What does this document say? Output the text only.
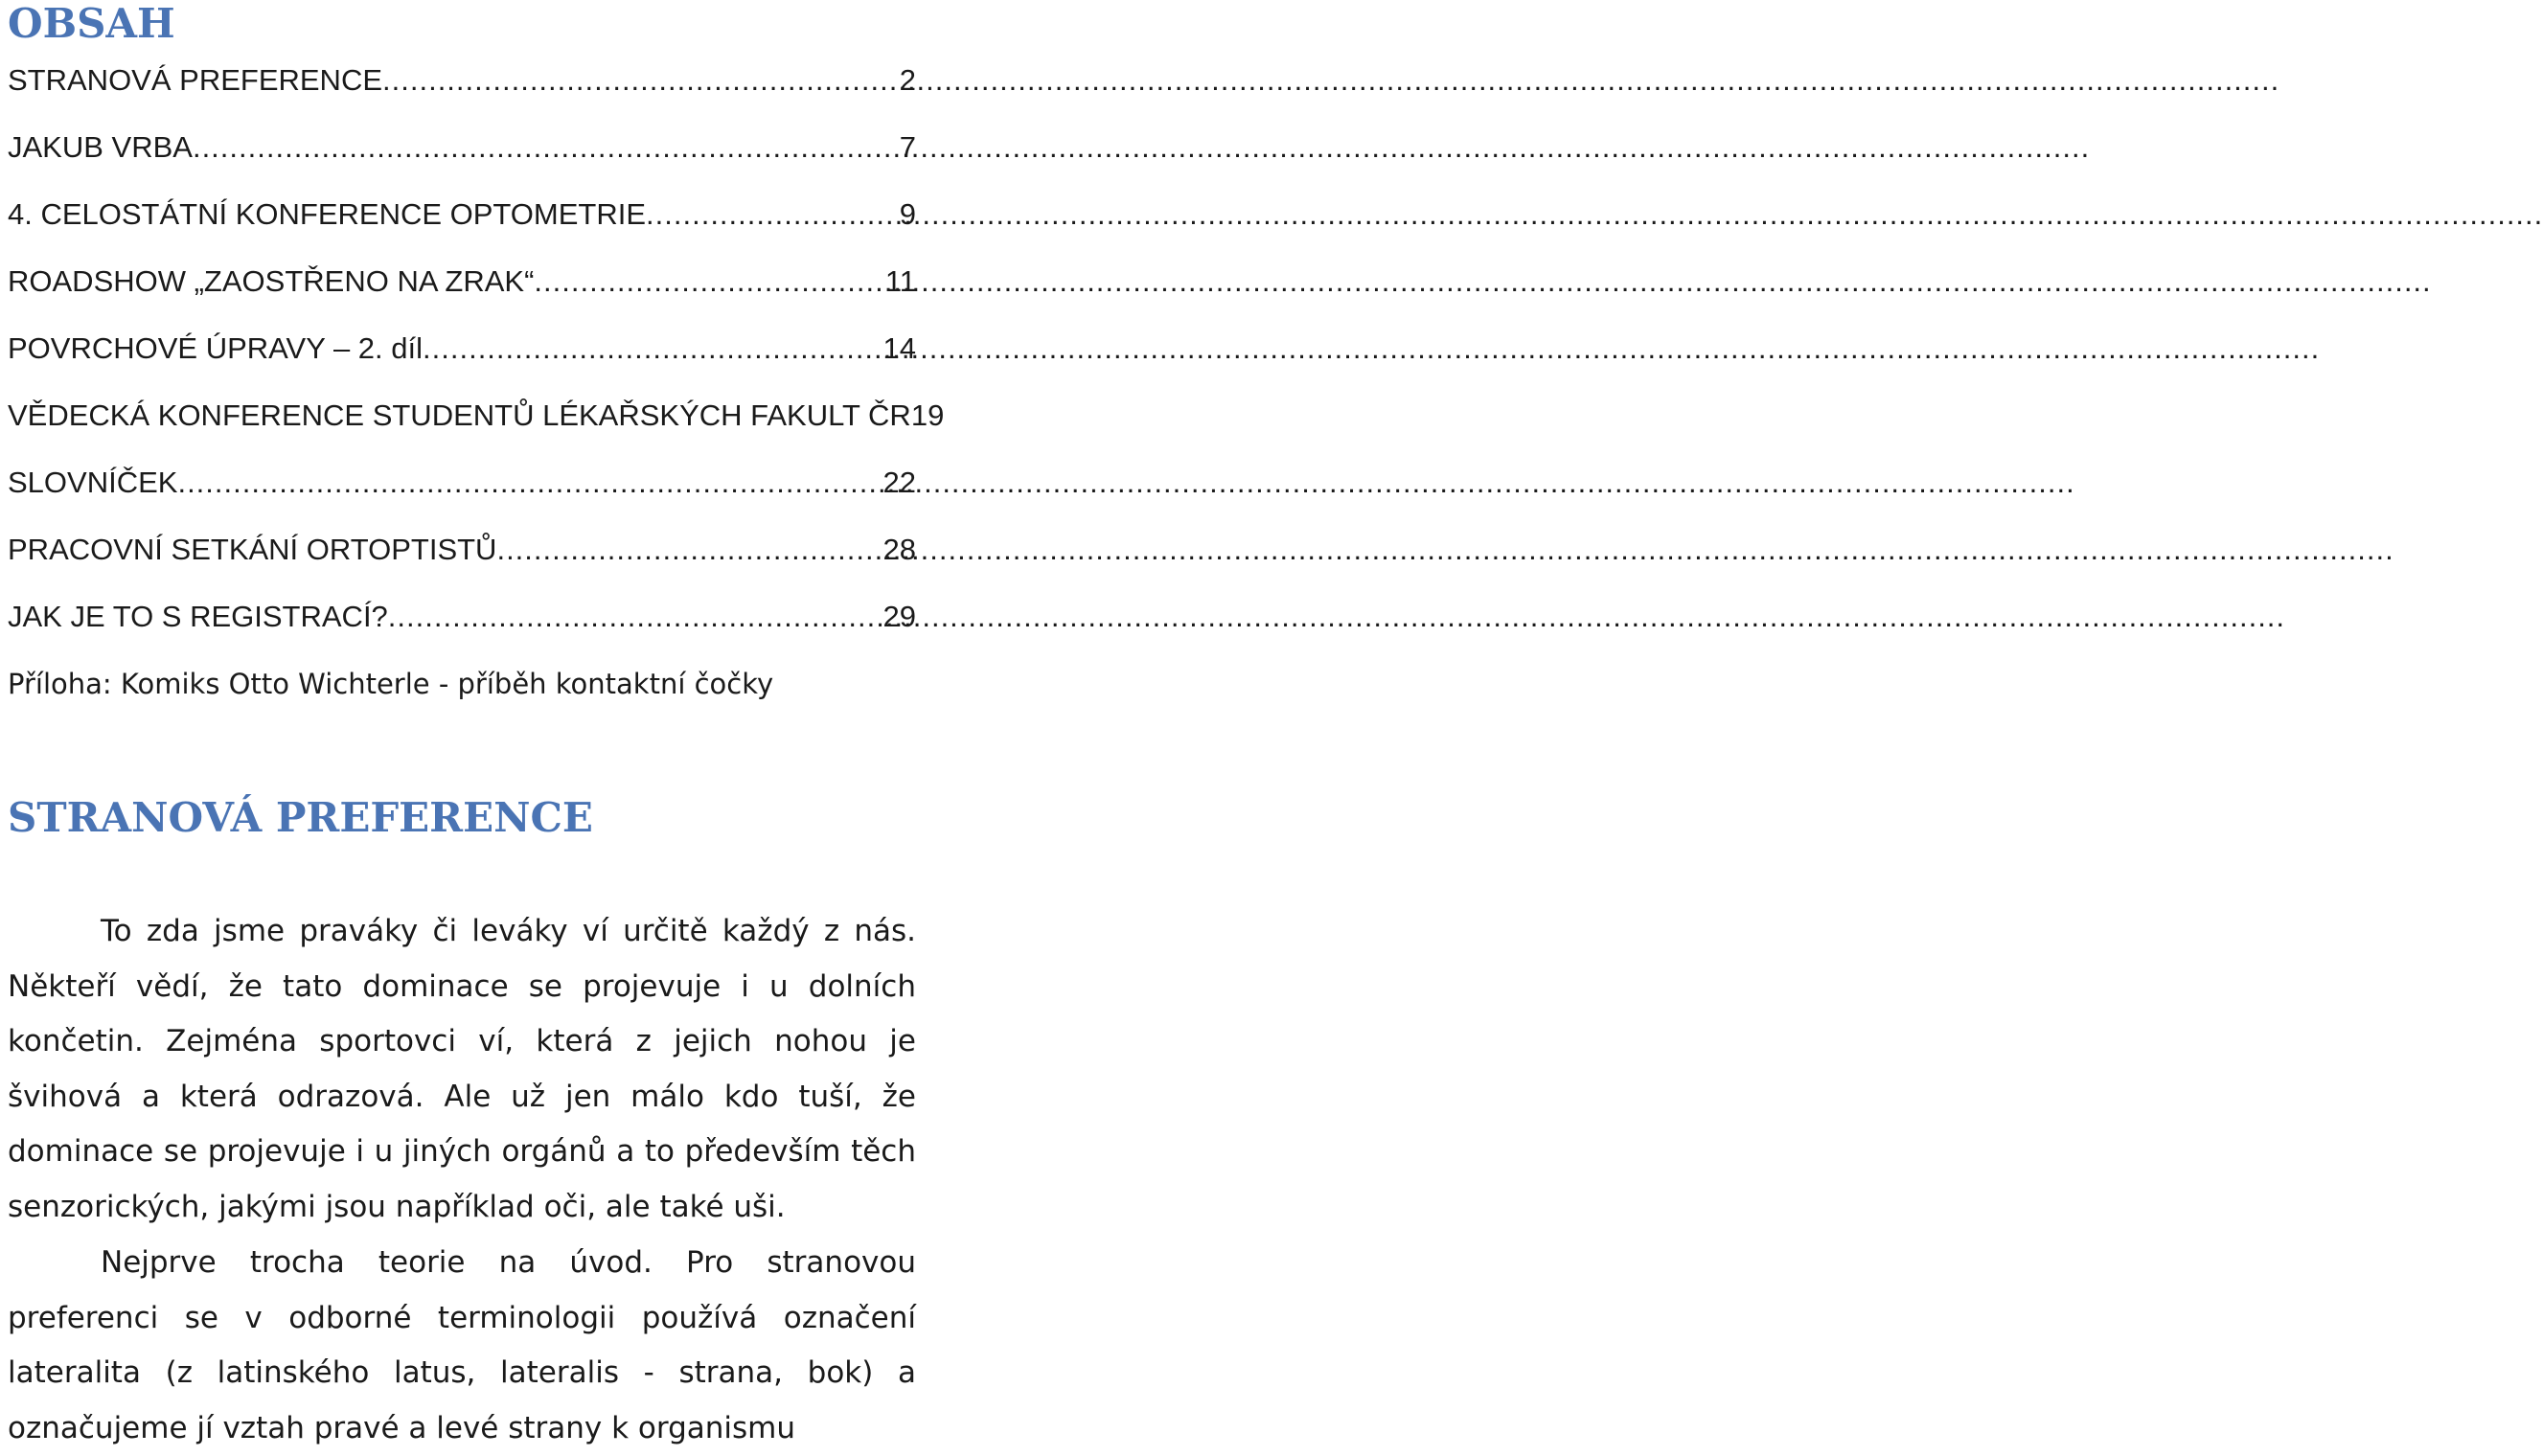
OBSAH
STRANOVÁ PREFERENCE .....	2
JAKUB VRBA .....	7
4. CELOSTÁTNÍ KONFERENCE OPTOMETRIE .....	9
ROADSHOW „ZAOSTŘENO NA ZRAK“ .....	11
POVRCHOVÉ ÚPRAVY – 2. díl .....	14
VĚDECKÁ KONFERENCE STUDENTŮ LÉKAŘSKÝCH FAKULT ČR 19
SLOVNÍČEK .....	22
PRACOVNÍ SETKÁNÍ ORTOPTISTŮ .....	28
JAK JE TO S REGISTRACÍ? .....	29
Příloha: Komiks Otto Wichterle - příběh kontaktní čočky
STRANOVÁ PREFERENCE

To zda jsme praváky či leváky ví určitě každý z nás. Někteří vědí, že tato dominace se projevuje i u dolních končetin. Zejména sportovci ví, která z jejich nohou je švihová a která odrazová. Ale už jen málo kdo tuší, že dominace se projevuje i u jiných orgánů a to především těch senzorických, jakými jsou například oči, ale také uši.

Nejprve trocha teorie na úvod. Pro stranovou preferenci se v odborné terminologii používá označení lateralita (z latinského latus, lateralis - strana, bok) a označujeme jí vztah pravé a levé strany k organismu
